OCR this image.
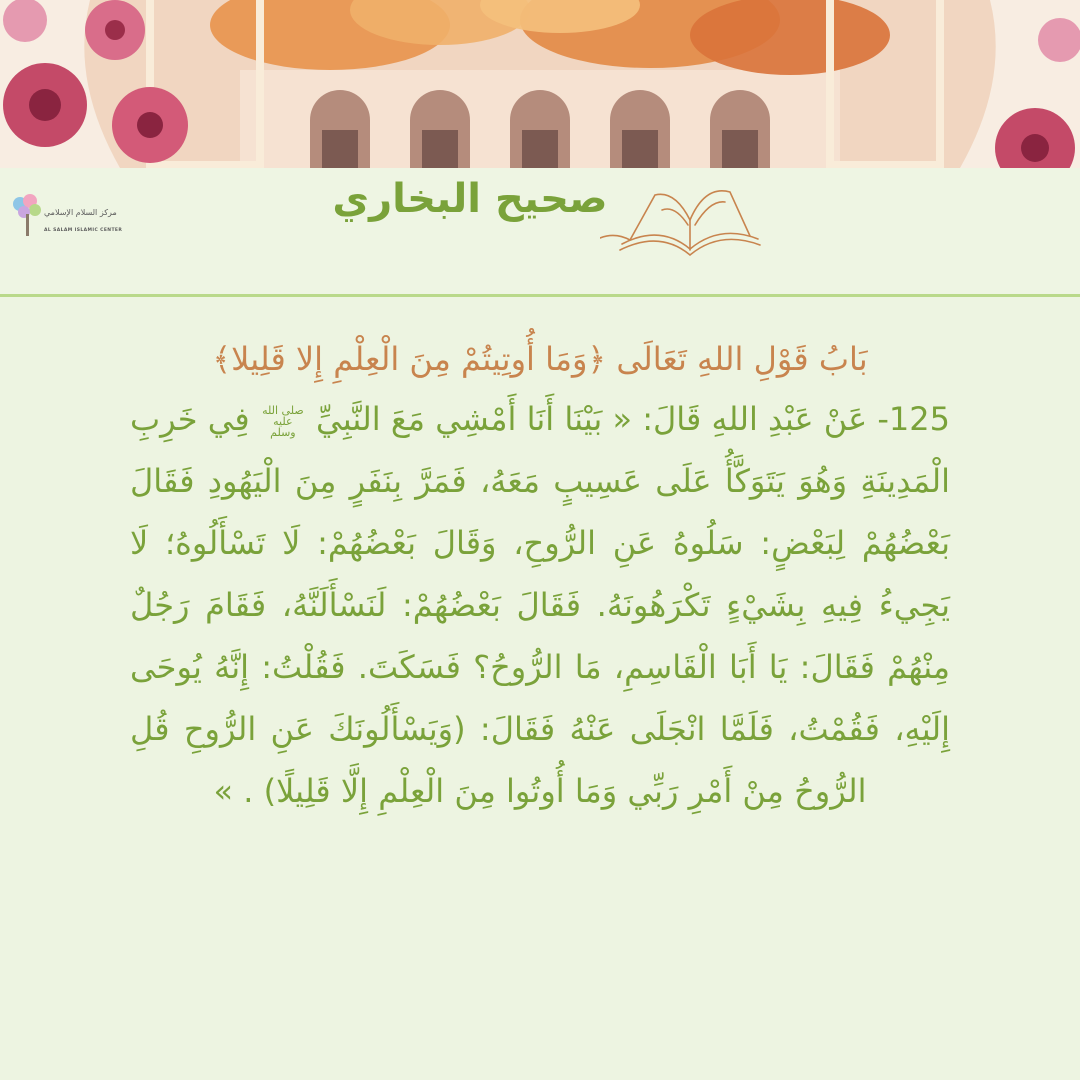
مركز السلام الإسلامي
AL SALAM ISLAMIC CENTER
صحيح البخاري

بَابُ قَوْلِ اللهِ تَعَالَى ﴿وَمَا أُوتِيتُمْ مِنَ الْعِلْمِ إِلا قَلِيلا﴾

125- عَنْ عَبْدِ اللهِ قَالَ: « بَيْنَا أَنَا أَمْشِي مَعَ النَّبِيِّ صلى الله عليه وسلم فِي خَرِبِ الْمَدِينَةِ وَهُوَ يَتَوَكَّأُ عَلَى عَسِيبٍ مَعَهُ، فَمَرَّ بِنَفَرٍ مِنَ الْيَهُودِ فَقَالَ بَعْضُهُمْ لِبَعْضٍ: سَلُوهُ عَنِ الرُّوحِ، وَقَالَ بَعْضُهُمْ: لَا تَسْأَلُوهُ؛ لَا يَجِيءُ فِيهِ بِشَيْءٍ تَكْرَهُونَهُ. فَقَالَ بَعْضُهُمْ: لَنَسْأَلَنَّهُ، فَقَامَ رَجُلٌ مِنْهُمْ فَقَالَ: يَا أَبَا الْقَاسِمِ، مَا الرُّوحُ؟ فَسَكَتَ. فَقُلْتُ: إِنَّهُ يُوحَى إِلَيْهِ، فَقُمْتُ، فَلَمَّا انْجَلَى عَنْهُ فَقَالَ: (وَيَسْأَلُونَكَ عَنِ الرُّوحِ قُلِ الرُّوحُ مِنْ أَمْرِ رَبِّي وَمَا أُوتُوا مِنَ الْعِلْمِ إِلَّا قَلِيلًا) . »
